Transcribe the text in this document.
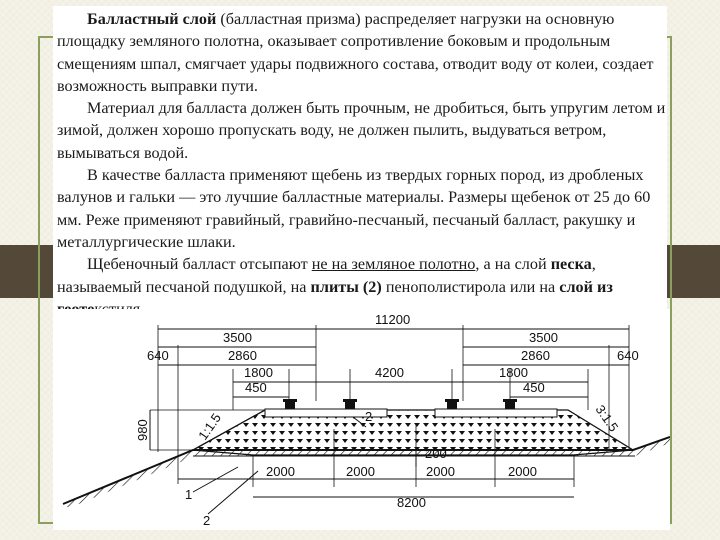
Балластный слой (балластная призма) распределяет нагрузки на основную площадку земляного полотна, оказывает сопротивление боковым и продольным смещениям шпал, смягчает удары подвижного состава, отводит воду от колеи, создает возможность выправки пути.

Материал для балласта должен быть прочным, не дробиться, быть упругим летом и зимой, должен хорошо пропускать воду, не должен пылить, выдуваться ветром, вымываться водой.

В качестве балласта применяют щебень из твердых горных пород, из дробленых валунов и гальки — это лучшие балластные материалы. Размеры щебенок от 25 до 60 мм. Реже применяют гравийный, гравийно-песчаный, песчаный балласт, ракушку и металлургические шлаки.

Щебеночный балласт отсыпают не на земляное полотно, а на слой песка, называемый песчаной подушкой, на плиты (2) пенополистирола или на слой из

11200
3500	3500
640	640
2860	2860
1800	4200	1800
450	450
980	1:1.5	3:1.5
2
200
2000	2000	2000	2000
8200
1
2
